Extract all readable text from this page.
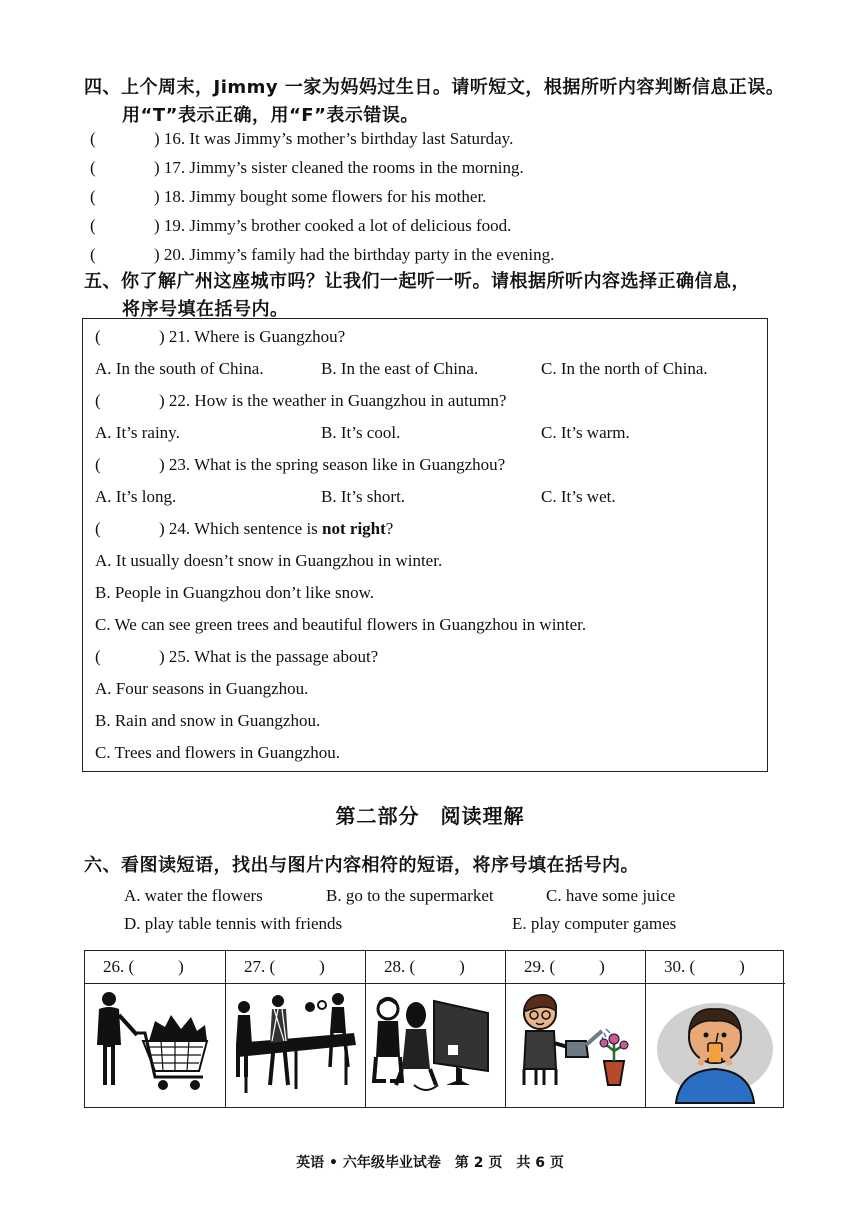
四、上个周末，Jimmy 一家为妈妈过生日。请听短文，根据所听内容判断信息正误。
用“T”表示正确，用“F”表示错误。
(	) 16. It was Jimmy’s mother’s birthday last Saturday.
(	) 17. Jimmy’s sister cleaned the rooms in the morning.
(	) 18. Jimmy bought some flowers for his mother.
(	) 19. Jimmy’s brother cooked a lot of delicious food.
(	) 20. Jimmy’s family had the birthday party in the evening.
五、你了解广州这座城市吗？让我们一起听一听。请根据所听内容选择正确信息，
将序号填在括号内。
(	) 21. Where is Guangzhou?
A. In the south of China.	B. In the east of China.	C. In the north of China.
(	) 22. How is the weather in Guangzhou in autumn?
A. It’s rainy.	B. It’s cool.	C. It’s warm.
(	) 23. What is the spring season like in Guangzhou?
A. It’s long.	B. It’s short.	C. It’s wet.
(	) 24. Which sentence is not right?
A. It usually doesn’t snow in Guangzhou in winter.
B. People in Guangzhou don’t like snow.
C. We can see green trees and beautiful flowers in Guangzhou in winter.
(	) 25. What is the passage about?
A. Four seasons in Guangzhou.
B. Rain and snow in Guangzhou.
C. Trees and flowers in Guangzhou.
第二部分　阅读理解
六、看图读短语，找出与图片内容相符的短语，将序号填在括号内。
A. water the flowers	B. go to the supermarket	C. have some juice
D. play table tennis with friends	E. play computer games
26. (	)	27. (	)	28. (	)	29. (	)	30. (	)
英语 • 六年级毕业试卷　第 2 页　共 6 页
